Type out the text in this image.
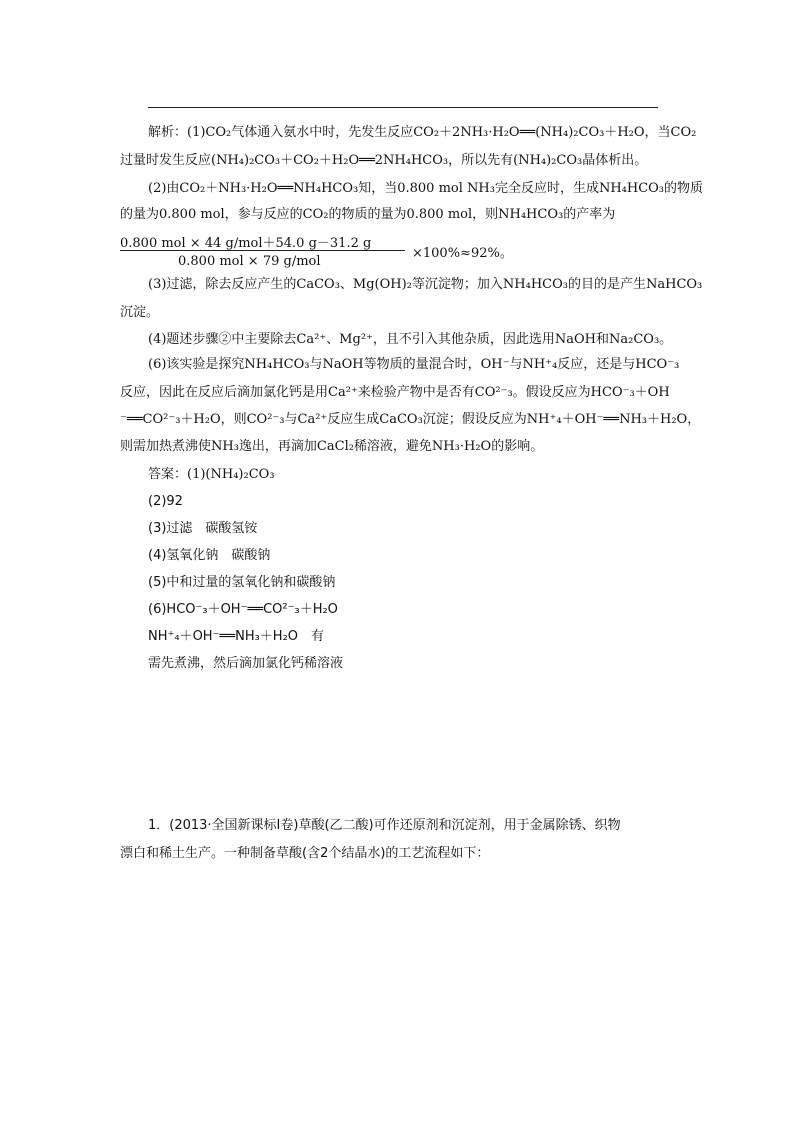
解析：(1)CO₂气体通入氨水中时，先发生反应CO₂＋2NH₃·H₂O══(NH₄)₂CO₃＋H₂O，当CO₂
过量时发生反应(NH₄)₂CO₃＋CO₂＋H₂O══2NH₄HCO₃，所以先有(NH₄)₂CO₃晶体析出。
(2)由CO₂＋NH₃·H₂O══NH₄HCO₃知，当0.800 mol NH₃完全反应时，生成NH₄HCO₃的物质
的量为0.800 mol，参与反应的CO₂的物质的量为0.800 mol，则NH₄HCO₃的产率为
0.800 mol × 44 g/mol＋54.0 g－31.2 g
0.800 mol × 79 g/mol
×100%≈92%。
(3)过滤，除去反应产生的CaCO₃、Mg(OH)₂等沉淀物；加入NH₄HCO₃的目的是产生NaHCO₃
沉淀。
(4)题述步骤②中主要除去Ca²⁺、Mg²⁺，且不引入其他杂质，因此选用NaOH和Na₂CO₃。
(6)该实验是探究NH₄HCO₃与NaOH等物质的量混合时，OH⁻与NH⁺₄反应，还是与HCO⁻₃
反应，因此在反应后滴加氯化钙是用Ca²⁺来检验产物中是否有CO²⁻₃。假设反应为HCO⁻₃＋OH
⁻══CO²⁻₃＋H₂O，则CO²⁻₃与Ca²⁺反应生成CaCO₃沉淀；假设反应为NH⁺₄＋OH⁻══NH₃＋H₂O，
则需加热煮沸使NH₃逸出，再滴加CaCl₂稀溶液，避免NH₃·H₂O的影响。
答案：(1)(NH₄)₂CO₃
(2)92
(3)过滤　碳酸氢铵
(4)氢氧化钠　碳酸钠
(5)中和过量的氢氧化钠和碳酸钠
(6)HCO⁻₃＋OH⁻══CO²⁻₃＋H₂O
NH⁺₄＋OH⁻══NH₃＋H₂O　有
需先煮沸，然后滴加氯化钙稀溶液
1．(2013·全国新课标Ⅰ卷)草酸(乙二酸)可作还原剂和沉淀剂，用于金属除锈、织物
漂白和稀土生产。一种制备草酸(含2个结晶水)的工艺流程如下：
